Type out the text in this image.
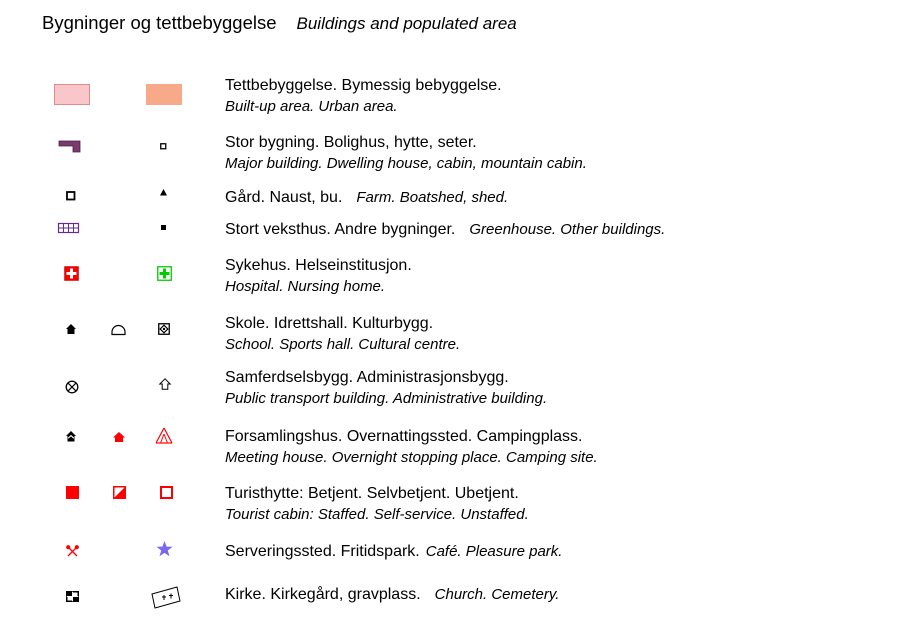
Bygninger og tettbebyggelse Buildings and populated area
Tettbebyggelse. Bymessig bebyggelse.
Built-up area. Urban area.
Stor bygning. Bolighus, hytte, seter.
Major building. Dwelling house, cabin, mountain cabin.
Gård. Naust, bu. Farm. Boatshed, shed.
Stort veksthus. Andre bygninger. Greenhouse. Other buildings.
Sykehus. Helseinstitusjon.
Hospital. Nursing home.
Skole. Idrettshall. Kulturbygg.
School. Sports hall. Cultural centre.
Samferdselsbygg. Administrasjonsbygg.
Public transport building. Administrative building.
Forsamlingshus. Overnattingssted. Campingplass.
Meeting house. Overnight stopping place. Camping site.
Turisthytte: Betjent. Selvbetjent. Ubetjent.
Tourist cabin: Staffed. Self-service. Unstaffed.
Serveringssted. Fritidspark. Café. Pleasure park.
Kirke. Kirkegård, gravplass. Church. Cemetery.
